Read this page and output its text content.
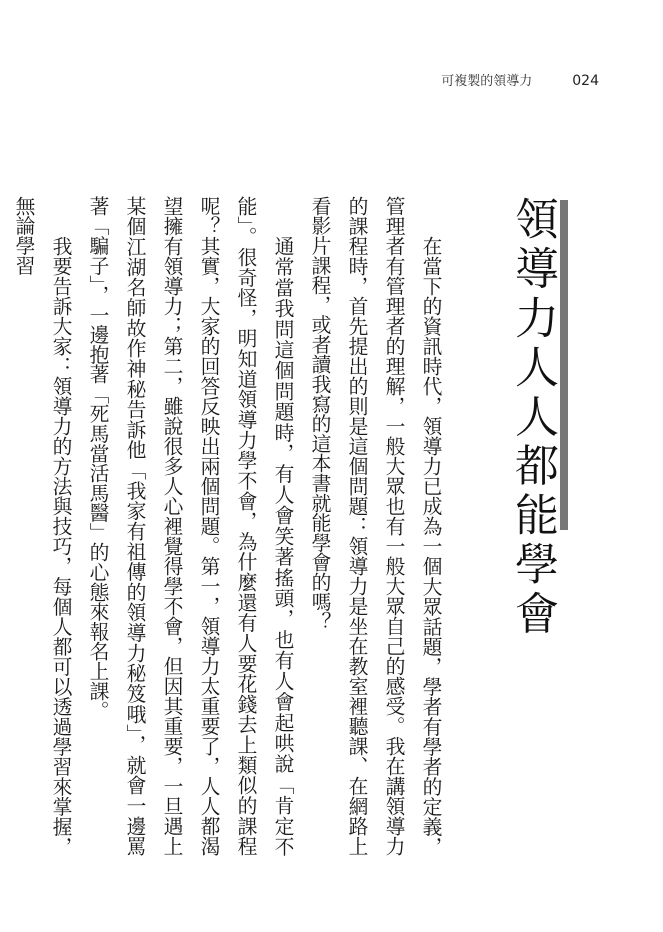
可複製的領導力	024
領導力人人都能學會

在當下的資訊時代，領導力已成為一個大眾話題，學者有學者的定義，管理者有管理者的理解，一般大眾也有一般大眾自己的感受。我在講領導力的課程時，首先提出的則是這個問題：領導力是坐在教室裡聽課、在網路上看影片課程，或者讀我寫的這本書就能學會的嗎？

通常當我問這個問題時，有人會笑著搖頭，也有人會起哄說「肯定不能」。很奇怪，明知道領導力學不會，為什麼還有人要花錢去上類似的課程呢？其實，大家的回答反映出兩個問題。第一，領導力太重要了，人人都渴望擁有領導力；第二，雖說很多人心裡覺得學不會，但因其重要，一旦遇上某個江湖名師故作神秘告訴他「我家有祖傳的領導力秘笈哦」，就會一邊罵著「騙子」，一邊抱著「死馬當活馬醫」的心態來報名上課。

我要告訴大家：領導力的方法與技巧，每個人都可以透過學習來掌握，無論學習
